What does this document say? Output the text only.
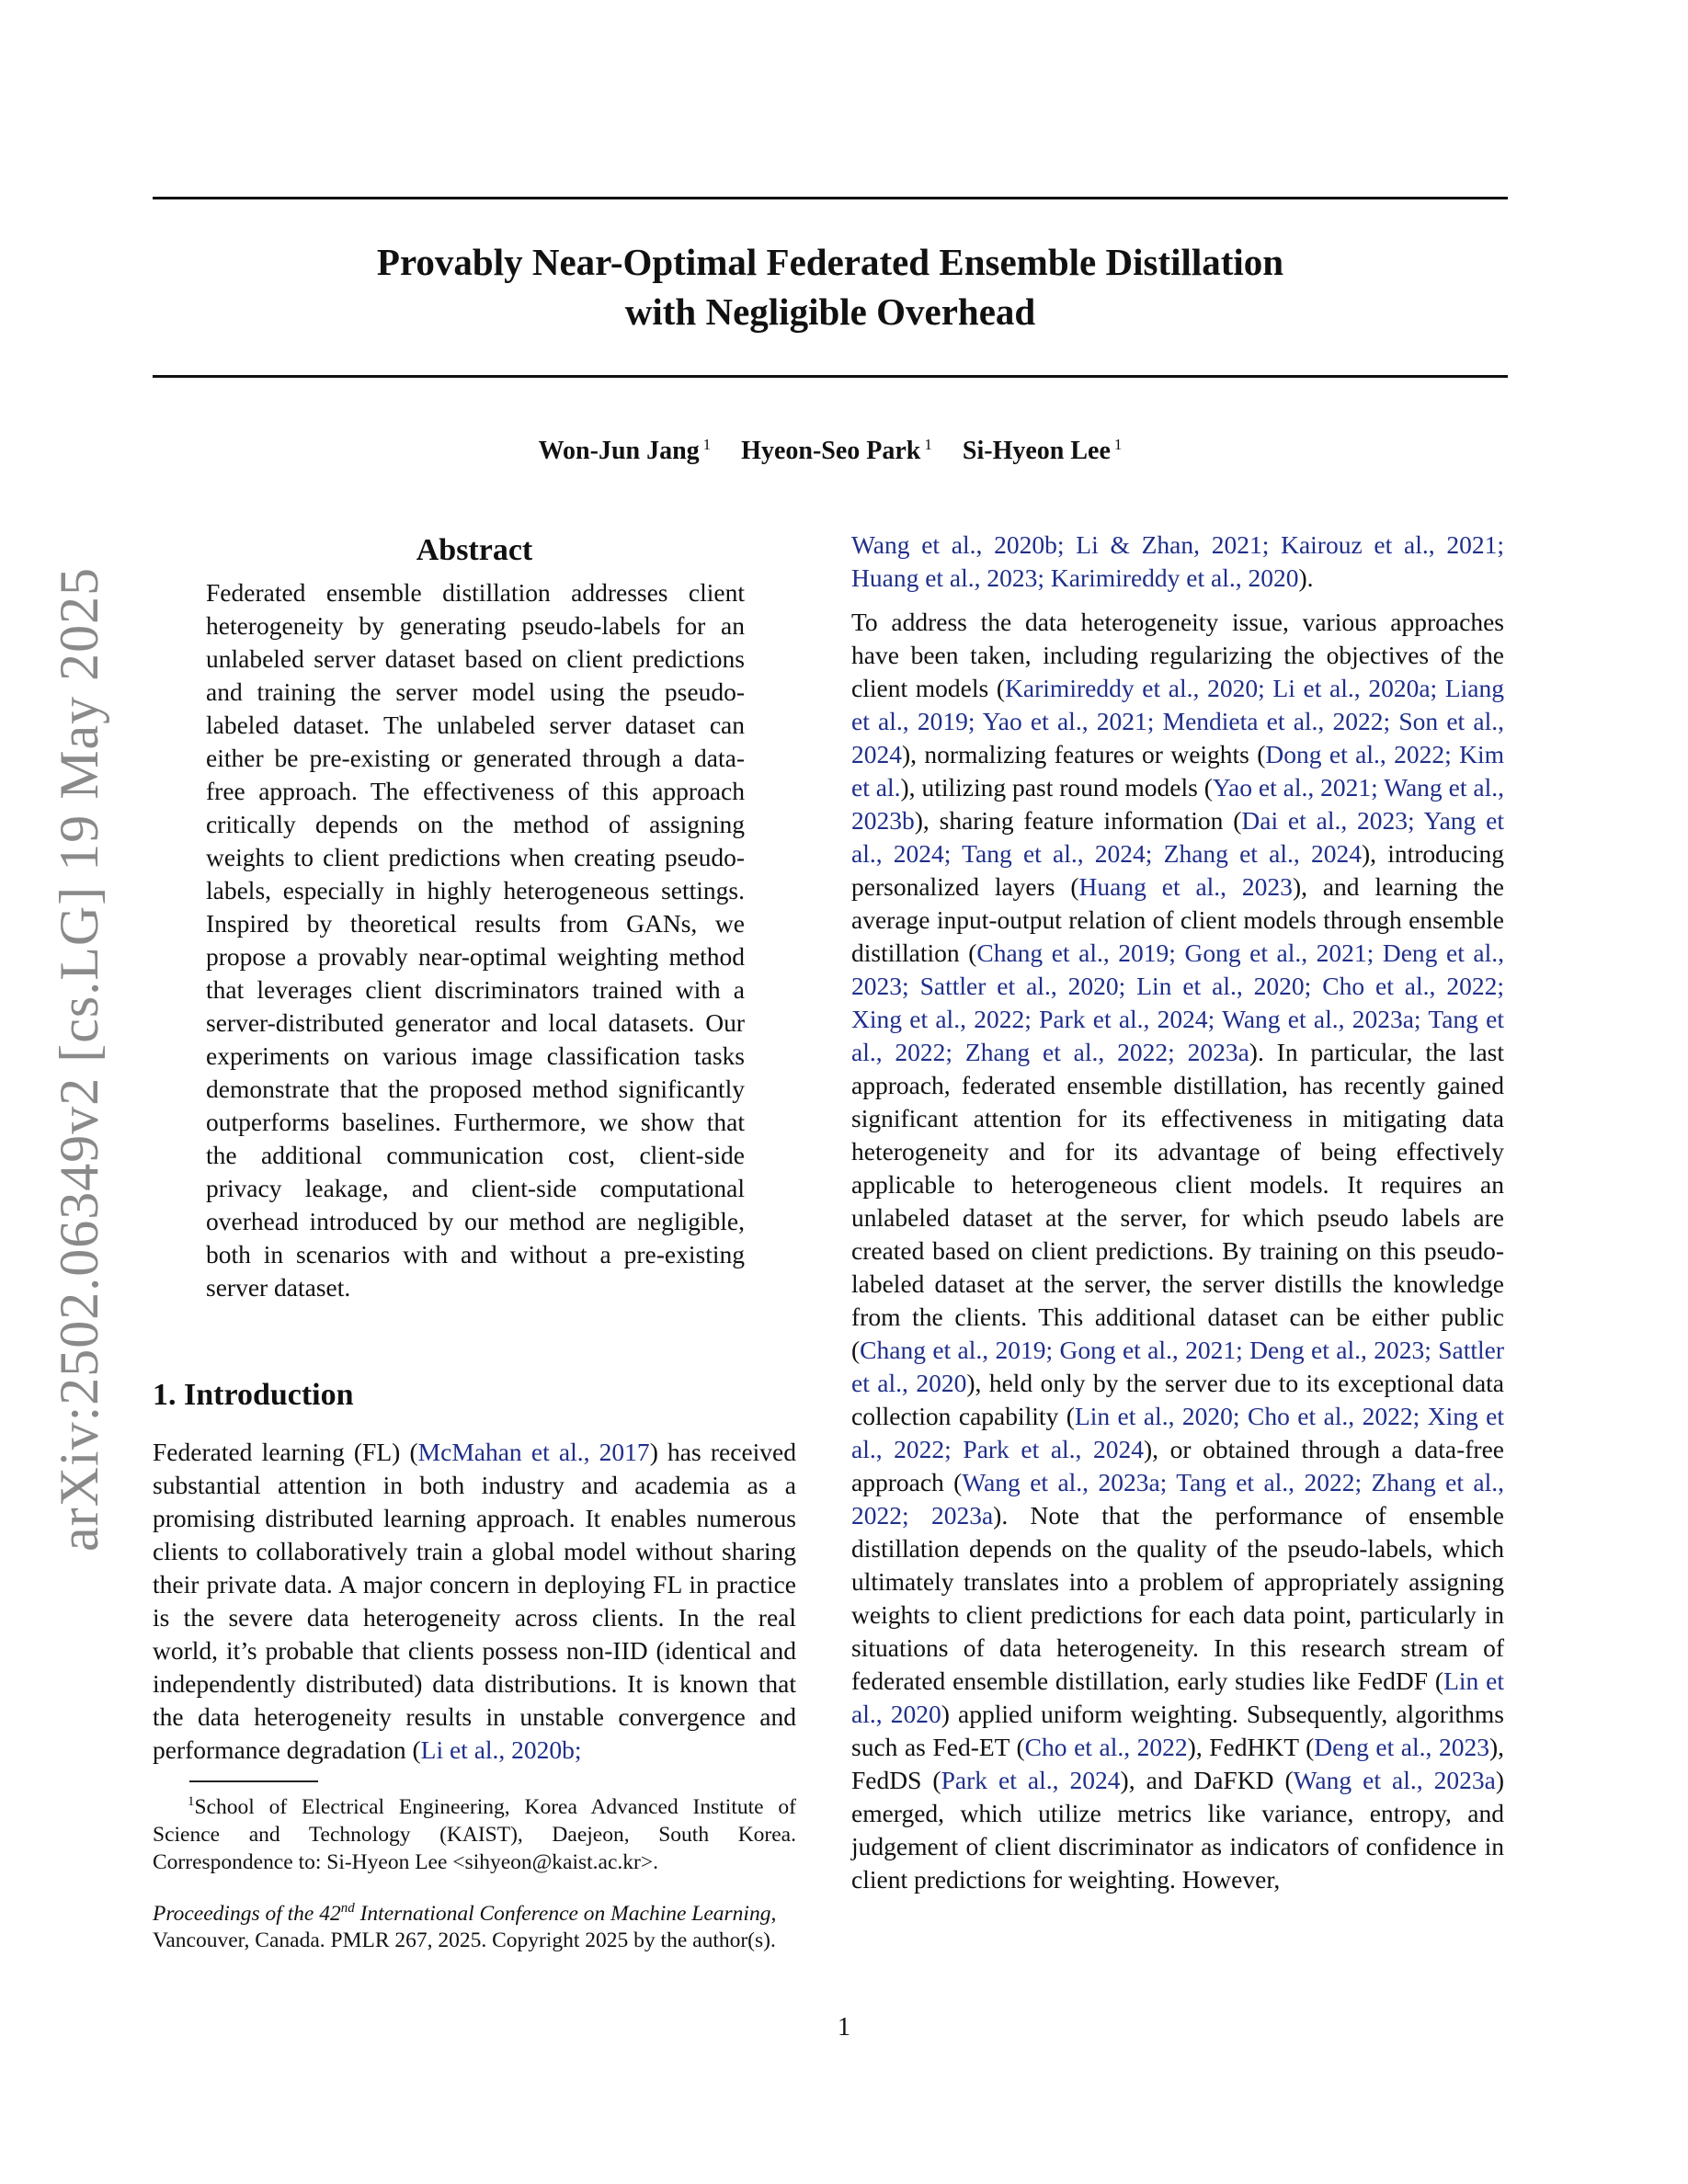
Provably Near-Optimal Federated Ensemble Distillation
with Negligible Overhead
Won-Jun Jang $^1$ Hyeon-Seo Park $^1$ Si-Hyeon Lee $^1$
arXiv:2502.06349v2 [cs.LG] 19 May 2025
Abstract

Federated ensemble distillation addresses client heterogeneity by generating pseudo-labels for an unlabeled server dataset based on client predictions and training the server model using the pseudo-labeled dataset. The unlabeled server dataset can either be pre-existing or generated through a data-free approach. The effectiveness of this approach critically depends on the method of assigning weights to client predictions when creating pseudo-labels, especially in highly heterogeneous settings. Inspired by theoretical results from GANs, we propose a provably near-optimal weighting method that leverages client discriminators trained with a server-distributed generator and local datasets. Our experiments on various image classification tasks demonstrate that the proposed method significantly outperforms baselines. Furthermore, we show that the additional communication cost, client-side privacy leakage, and client-side computational overhead introduced by our method are negligible, both in scenarios with and without a pre-existing server dataset.

1. Introduction

Federated learning (FL) (McMahan et al., 2017) has received substantial attention in both industry and academia as a promising distributed learning approach. It enables numerous clients to collaboratively train a global model without sharing their private data. A major concern in deploying FL in practice is the severe data heterogeneity across clients. In the real world, it’s probable that clients possess non-IID (identical and independently distributed) data distributions. It is known that the data heterogeneity results in unstable convergence and performance degradation (Li et al., 2020b;

$^1$School of Electrical Engineering, Korea Advanced Institute of Science and Technology (KAIST), Daejeon, South Korea. Correspondence to: Si-Hyeon Lee <sihyeon@kaist.ac.kr>.

Proceedings of the 42nd International Conference on Machine Learning, Vancouver, Canada. PMLR 267, 2025. Copyright 2025 by the author(s).

Wang et al., 2020b; Li & Zhan, 2021; Kairouz et al., 2021; Huang et al., 2023; Karimireddy et al., 2020).

To address the data heterogeneity issue, various approaches have been taken, including regularizing the objectives of the client models (Karimireddy et al., 2020; Li et al., 2020a; Liang et al., 2019; Yao et al., 2021; Mendieta et al., 2022; Son et al., 2024), normalizing features or weights (Dong et al., 2022; Kim et al.), utilizing past round models (Yao et al., 2021; Wang et al., 2023b), sharing feature information (Dai et al., 2023; Yang et al., 2024; Tang et al., 2024; Zhang et al., 2024), introducing personalized layers (Huang et al., 2023), and learning the average input-output relation of client models through ensemble distillation (Chang et al., 2019; Gong et al., 2021; Deng et al., 2023; Sattler et al., 2020; Lin et al., 2020; Cho et al., 2022; Xing et al., 2022; Park et al., 2024; Wang et al., 2023a; Tang et al., 2022; Zhang et al., 2022; 2023a). In particular, the last approach, federated ensemble distillation, has recently gained significant attention for its effectiveness in mitigating data heterogeneity and for its advantage of being effectively applicable to heterogeneous client models. It requires an unlabeled dataset at the server, for which pseudo labels are created based on client predictions. By training on this pseudo-labeled dataset at the server, the server distills the knowledge from the clients. This additional dataset can be either public (Chang et al., 2019; Gong et al., 2021; Deng et al., 2023; Sattler et al., 2020), held only by the server due to its exceptional data collection capability (Lin et al., 2020; Cho et al., 2022; Xing et al., 2022; Park et al., 2024), or obtained through a data-free approach (Wang et al., 2023a; Tang et al., 2022; Zhang et al., 2022; 2023a). Note that the performance of ensemble distillation depends on the quality of the pseudo-labels, which ultimately translates into a problem of appropriately assigning weights to client predictions for each data point, particularly in situations of data heterogeneity. In this research stream of federated ensemble distillation, early studies like FedDF (Lin et al., 2020) applied uniform weighting. Subsequently, algorithms such as Fed-ET (Cho et al., 2022), FedHKT (Deng et al., 2023), FedDS (Park et al., 2024), and DaFKD (Wang et al., 2023a) emerged, which utilize metrics like variance, entropy, and judgement of client discriminator as indicators of confidence in client predictions for weighting. However,

1
